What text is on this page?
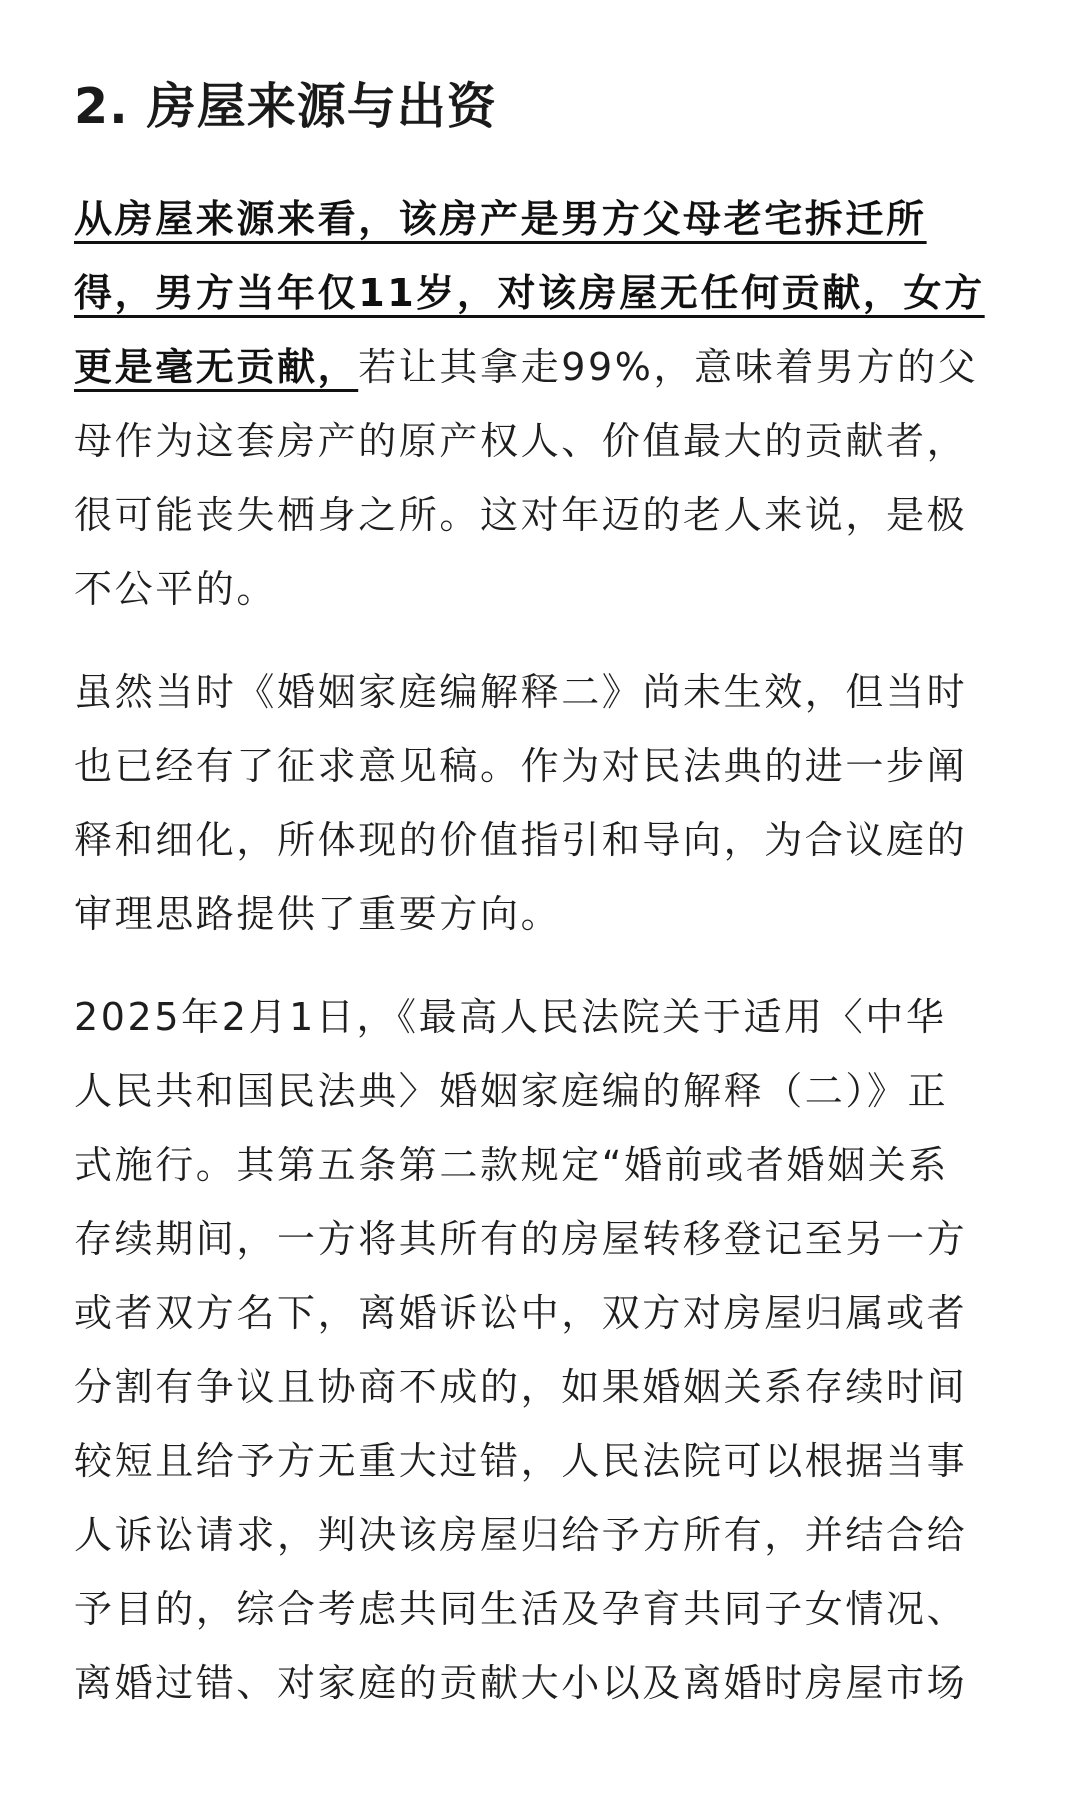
2. 房屋来源与出资

从房屋来源来看，该房产是男方父母老宅拆迁所
得，男方当年仅11岁，对该房屋无任何贡献，女方
更是毫无贡献，若让其拿走99%，意味着男方的父
母作为这套房产的原产权人、价值最大的贡献者，
很可能丧失栖身之所。这对年迈的老人来说，是极
不公平的。

虽然当时《婚姻家庭编解释二》尚未生效，但当时
也已经有了征求意见稿。作为对民法典的进一步阐
释和细化，所体现的价值指引和导向，为合议庭的
审理思路提供了重要方向。

2025年2月1日，《最高人民法院关于适用〈中华
人民共和国民法典〉婚姻家庭编的解释（二）》正
式施行。其第五条第二款规定“婚前或者婚姻关系
存续期间，一方将其所有的房屋转移登记至另一方
或者双方名下，离婚诉讼中，双方对房屋归属或者
分割有争议且协商不成的，如果婚姻关系存续时间
较短且给予方无重大过错，人民法院可以根据当事
人诉讼请求，判决该房屋归给予方所有，并结合给
予目的，综合考虑共同生活及孕育共同子女情况、
离婚过错、对家庭的贡献大小以及离婚时房屋市场
